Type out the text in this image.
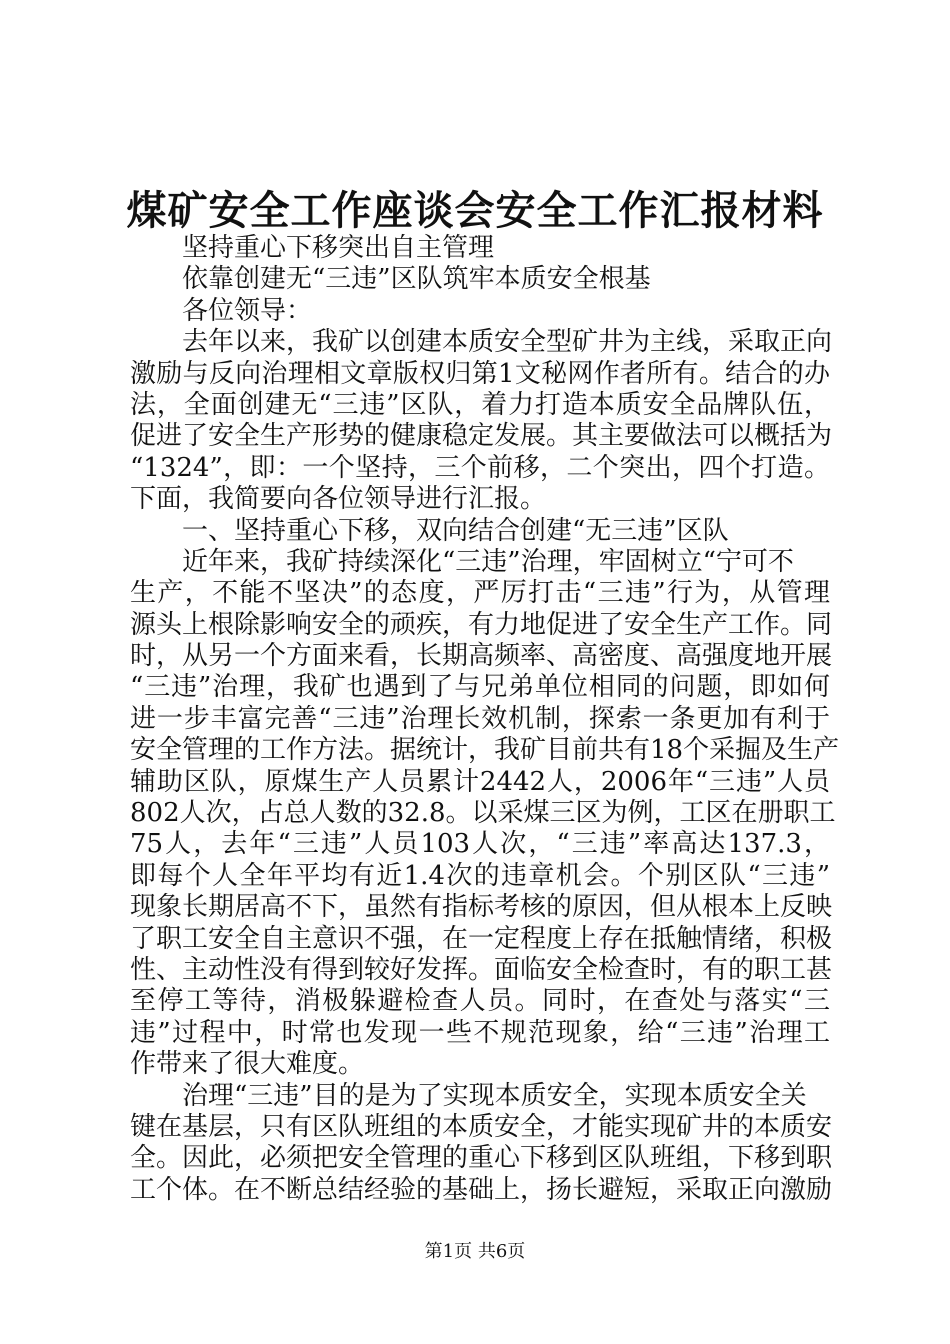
煤矿安全工作座谈会安全工作汇报材料
坚持重心下移突出自主管理
依靠创建无“三违”区队筑牢本质安全根基
各位领导：
去年以来，我矿以创建本质安全型矿井为主线，采取正向
激励与反向治理相文章版权归第1文秘网作者所有。结合的办
法，全面创建无“三违”区队，着力打造本质安全品牌队伍，
促进了安全生产形势的健康稳定发展。其主要做法可以概括为
“1324”，即：一个坚持，三个前移，二个突出，四个打造。
下面，我简要向各位领导进行汇报。
一、坚持重心下移，双向结合创建“无三违”区队
近年来，我矿持续深化“三违”治理，牢固树立“宁可不
生产，不能不坚决”的态度，严厉打击“三违”行为，从管理
源头上根除影响安全的顽疾，有力地促进了安全生产工作。同
时，从另一个方面来看，长期高频率、高密度、高强度地开展
“三违”治理，我矿也遇到了与兄弟单位相同的问题，即如何
进一步丰富完善“三违”治理长效机制，探索一条更加有利于
安全管理的工作方法。据统计，我矿目前共有18个采掘及生产
辅助区队，原煤生产人员累计2442人，2006年“三违”人员
802人次，占总人数的32.8。以采煤三区为例，工区在册职工
75人，去年“三违”人员103人次，“三违”率高达137.3，
即每个人全年平均有近1.4次的违章机会。个别区队“三违”
现象长期居高不下，虽然有指标考核的原因，但从根本上反映
了职工安全自主意识不强，在一定程度上存在抵触情绪，积极
性、主动性没有得到较好发挥。面临安全检查时，有的职工甚
至停工等待，消极躲避检查人员。同时，在查处与落实“三
违”过程中，时常也发现一些不规范现象，给“三违”治理工
作带来了很大难度。
治理“三违”目的是为了实现本质安全，实现本质安全关
键在基层，只有区队班组的本质安全，才能实现矿井的本质安
全。因此，必须把安全管理的重心下移到区队班组，下移到职
工个体。在不断总结经验的基础上，扬长避短，采取正向激励
第1页 共6页
